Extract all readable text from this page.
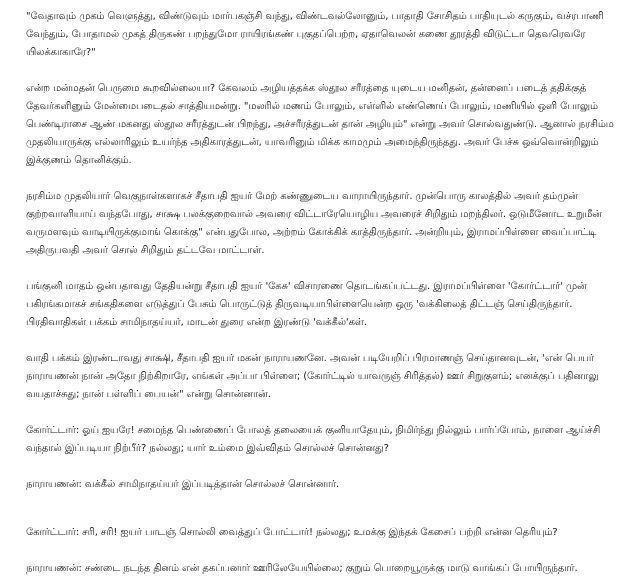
"வேதாவும் முகம் வெளுத்து, விண்டுவும் மார்பகஞ்சி வந்து, விண்டவல்லோனும், பாதாதி சோசிதம் பாதியுடல் கருகும், வச்ரபாணி வேந்தும், போதாமல் முகத் திருகண் பறந்துமோ ராயிரங்கண் புகுதப்பெற்ற, ஏதாவெலன் கணை தூரத்தி விடுட்டா தெவரெவரே யிலக்காகாரே?"

என்ற மன்மதன் பெருமை கூறவில்லையா? கேவலம் அழியத்தக்க ஸ்தூல சரீரத்தை யுடைய மனிதன், தன்னைப் படைத் ததிக்குத் தேவர்களினும் மேன்மைபடைதல் சாத்தியமன்று. "மலரில் மணம் போலும், எள்ளில் எண்ணெய் போலும், மணியில் ஒளி போலும் பெண்டிராசை ஆண் மகனது ஸ்தூல சரீரத்துடன் பிறந்து, அச்சரீரத்துடன் தான் அழியும்" என்று அவர் சொல்வதுண்டு. ஆனால் நரசிம்ம முதலியாருக்கு எல்லாரிலும் உயர்ந்த அதிகாரத்துடன், யாவரினும் மிக்க காமமும் அமைந்திருந்தது. அவர் பேச்சு ஒவ்வொன்றிலும் இக்குணம் தொனிக்கும்.

நரசிம்ம முதலியார் வெகுநாள்களாகச் சீதாபதி ஐயர் மேற் கண்ணுடைய வாராயிருந்தார். முன்பொரு காலத்தில் அவர் தம்முன் குற்றவாளியாய் வந்தபோது, சாக்ஷ பலக்குறைவால் அவரை விட்டாரேயொழிய அவரைச் சிறிதும் மறந்திலர். ஒடுமீனோட உறுமீன் வருமளவும் வாடியிருக்குமாங் கொக்கு" என்பதுபோல, அற்றம் கோக்கிக் காத்திருந்தார். அன்றியும், இராமப்பிள்ளை வைப்பாட்டி அதிருபவதி அவர் சொல் சிறிதும் தட்டவே மாட்டாள்.

பங்குனி மாதம் ஒன்பதாவது தேதியன்று சீதாபதி ஐயர் 'கேசு' விசாரணை தொடங்கப்பட்டது. இராமப்பிள்ளை 'கோர்ட்டார்' முன் பகிரங்கமாகச் சங்கதிகளை எடுத்துப் பேசும் பொருட்டுத் திருவடியாபிள்ளையென்ற ஒரு 'வக்கிலைத் திட்டஞ் செய்திருந்தார். பிரதிவாதிகள் பக்கம் சாமிநாதய்யர், மாடன் துரை என்ற இரண்டு 'வக்கீல்'கள்.

வாதி பக்கம் இரண்டாவது சாக்ஷி, சீதாபதி ஐயர் மகன் நாராயணனே. அவன் படியேறிப் பிரமாணஞ் செய்தானவுடன், 'என் பெயர் நாராயணன் நான் அதோ நிற்கிறாரே, எங்கள் அப்பா பிள்ளை; (கோர்ட்டில் யாவருஞ் சிரித்தல்) ஊர் சிறுகுளம்; எனக்குப் பதினாலு வயதாச்சுது; நான் பள்ளிப் பையன்" என்று சொன்னான்.

கோர்ட்டார்: ஓய் ஐயரே! சமைந்த பெண்ணைப் போலத் தலையைக் குனியாதேயும், நிமிர்ந்து நில்லும் பார்ப்போம், நாளை ஆய்ச்சி வந்தால் இப்படியா நிற்பீர்? நல்லது; யார் உம்மை இவ்விதம் சொல்லச் சொன்னது?

நாராயணன்: வக்கீல் சாமிநாதய்யர் இப்படித்தான் சொல்லச் சொன்னார்.

கோர்ட்டார்: சரி, சரி! ஐயர் பாடஞ் சொல்லி வைத்துப் போட்டார்! நல்லது; உமக்கு இந்தக் கேசைப் பற்றி என்ன தெரியும்?

நாராயணன்: சண்டை நடந்த தினம் என் தகப்பனார் ஊரிலேயேயில்லை; குறும் பொறையூருக்கு மாடு வாங்கப் போயிருந்தார்.
